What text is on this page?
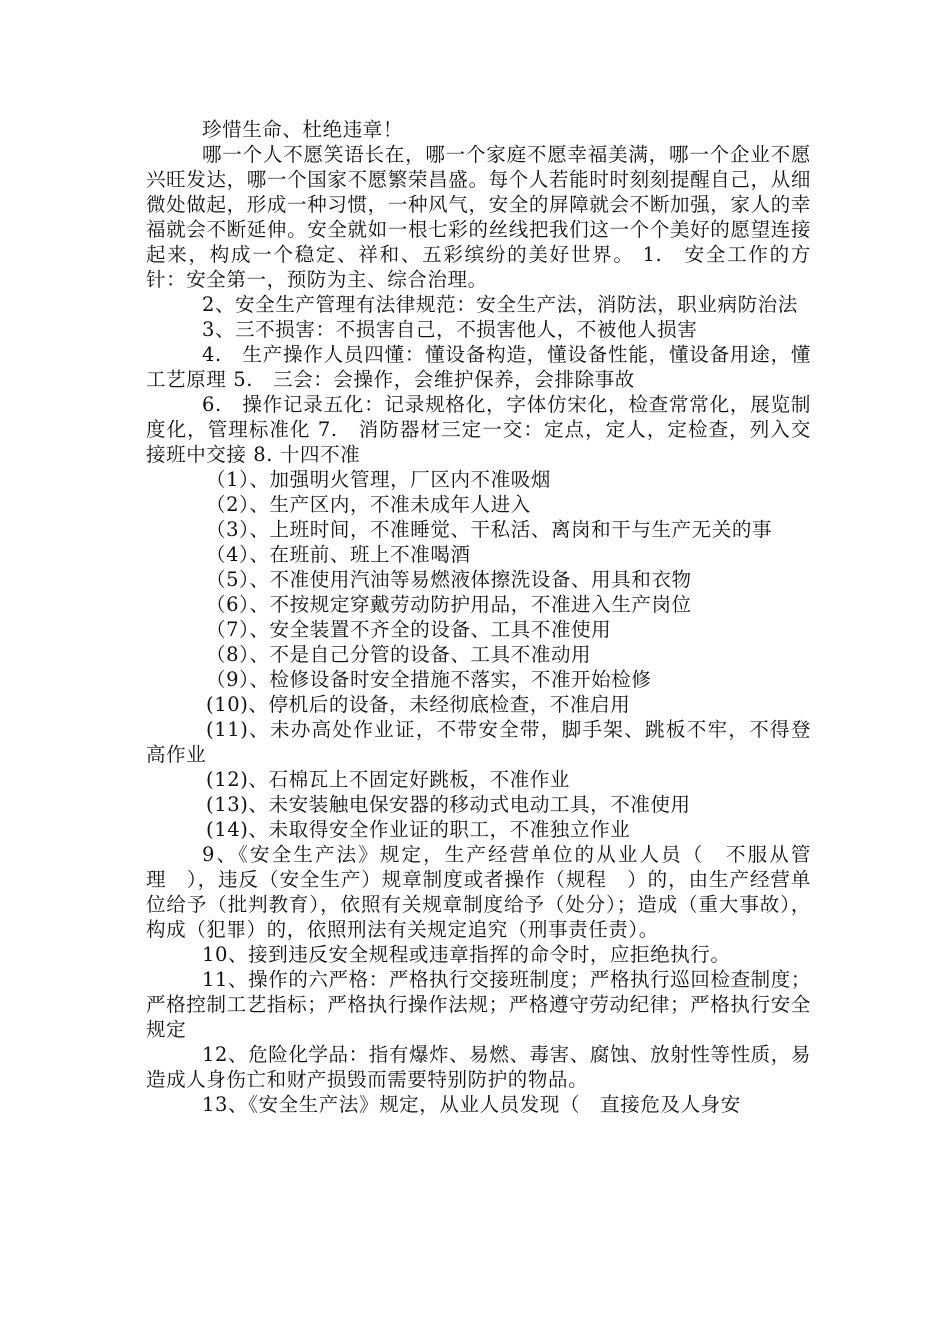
珍惜生命、杜绝违章！

哪一个人不愿笑语长在，哪一个家庭不愿幸福美满，哪一个企业不愿兴旺发达，哪一个国家不愿繁荣昌盛。每个人若能时时刻刻提醒自己，从细微处做起，形成一种习惯，一种风气，安全的屏障就会不断加强，家人的幸福就会不断延伸。安全就如一根七彩的丝线把我们这一个个美好的愿望连接起来，构成一个稳定、祥和、五彩缤纷的美好世界。 1.　安全工作的方针：安全第一，预防为主、综合治理。

2、安全生产管理有法律规范：安全生产法，消防法，职业病防治法

3、三不损害：不损害自己，不损害他人，不被他人损害

4.　生产操作人员四懂：懂设备构造，懂设备性能，懂设备用途，懂工艺原理 5.　三会：会操作，会维护保养，会排除事故

6.　操作记录五化：记录规格化，字体仿宋化，检查常常化，展览制度化，管理标准化 7.　消防器材三定一交：定点，定人，定检查，列入交接班中交接 8. 十四不准

（1）、加强明火管理，厂区内不准吸烟

（2）、生产区内，不准未成年人进入

（3）、上班时间，不准睡觉、干私活、离岗和干与生产无关的事

（4）、在班前、班上不准喝酒

（5）、不准使用汽油等易燃液体擦洗设备、用具和衣物

（6）、不按规定穿戴劳动防护用品，不准进入生产岗位

（7）、安全装置不齐全的设备、工具不准使用

（8）、不是自己分管的设备、工具不准动用

（9）、检修设备时安全措施不落实，不准开始检修

(10)、停机后的设备，未经彻底检查，不准启用

(11)、未办高处作业证，不带安全带，脚手架、跳板不牢，不得登高作业

(12)、石棉瓦上不固定好跳板，不准作业

(13)、未安装触电保安器的移动式电动工具，不准使用

(14)、未取得安全作业证的职工，不准独立作业

9、《安全生产法》规定，生产经营单位的从业人员（　不服从管理　），违反（安全生产）规章制度或者操作（规程　）的，由生产经营单位给予（批判教育），依照有关规章制度给予（处分）；造成（重大事故），构成（犯罪）的，依照刑法有关规定追究（刑事责任责）。

10、接到违反安全规程或违章指挥的命令时，应拒绝执行。

11、操作的六严格：严格执行交接班制度；严格执行巡回检查制度；严格控制工艺指标；严格执行操作法规；严格遵守劳动纪律；严格执行安全规定

12、危险化学品：指有爆炸、易燃、毒害、腐蚀、放射性等性质，易造成人身伤亡和财产损毁而需要特别防护的物品。

13、《安全生产法》规定，从业人员发现（　直接危及人身安
